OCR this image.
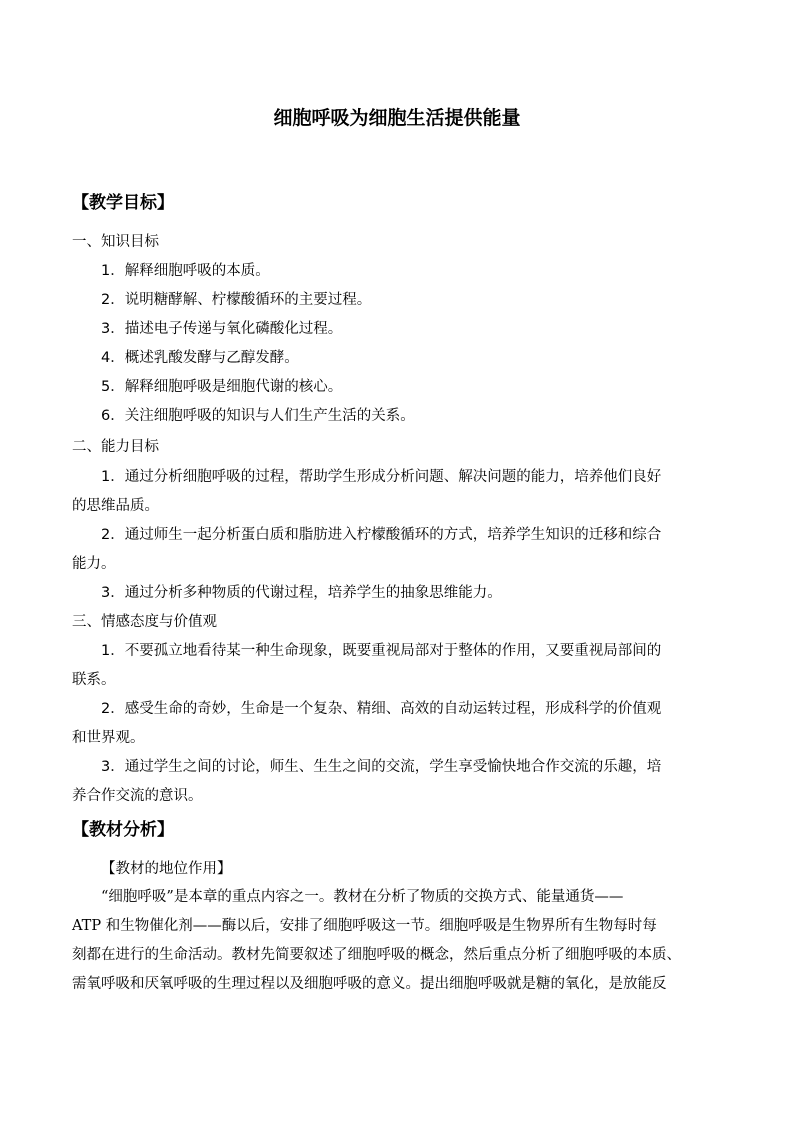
细胞呼吸为细胞生活提供能量
【教学目标】
一、知识目标
1．解释细胞呼吸的本质。
2．说明糖酵解、柠檬酸循环的主要过程。
3．描述电子传递与氧化磷酸化过程。
4．概述乳酸发酵与乙醇发酵。
5．解释细胞呼吸是细胞代谢的核心。
6．关注细胞呼吸的知识与人们生产生活的关系。
二、能力目标
1．通过分析细胞呼吸的过程，帮助学生形成分析问题、解决问题的能力，培养他们良好
的思维品质。
2．通过师生一起分析蛋白质和脂肪进入柠檬酸循环的方式，培养学生知识的迁移和综合
能力。
3．通过分析多种物质的代谢过程，培养学生的抽象思维能力。
三、情感态度与价值观
1．不要孤立地看待某一种生命现象，既要重视局部对于整体的作用，又要重视局部间的
联系。
2．感受生命的奇妙，生命是一个复杂、精细、高效的自动运转过程，形成科学的价值观
和世界观。
3．通过学生之间的讨论，师生、生生之间的交流，学生享受愉快地合作交流的乐趣，培
养合作交流的意识。
【教材分析】
【教材的地位作用】
“细胞呼吸”是本章的重点内容之一。教材在分析了物质的交换方式、能量通货——
ATP 和生物催化剂——酶以后，安排了细胞呼吸这一节。细胞呼吸是生物界所有生物每时每
刻都在进行的生命活动。教材先简要叙述了细胞呼吸的概念，然后重点分析了细胞呼吸的本质、
需氧呼吸和厌氧呼吸的生理过程以及细胞呼吸的意义。提出细胞呼吸就是糖的氧化，是放能反
